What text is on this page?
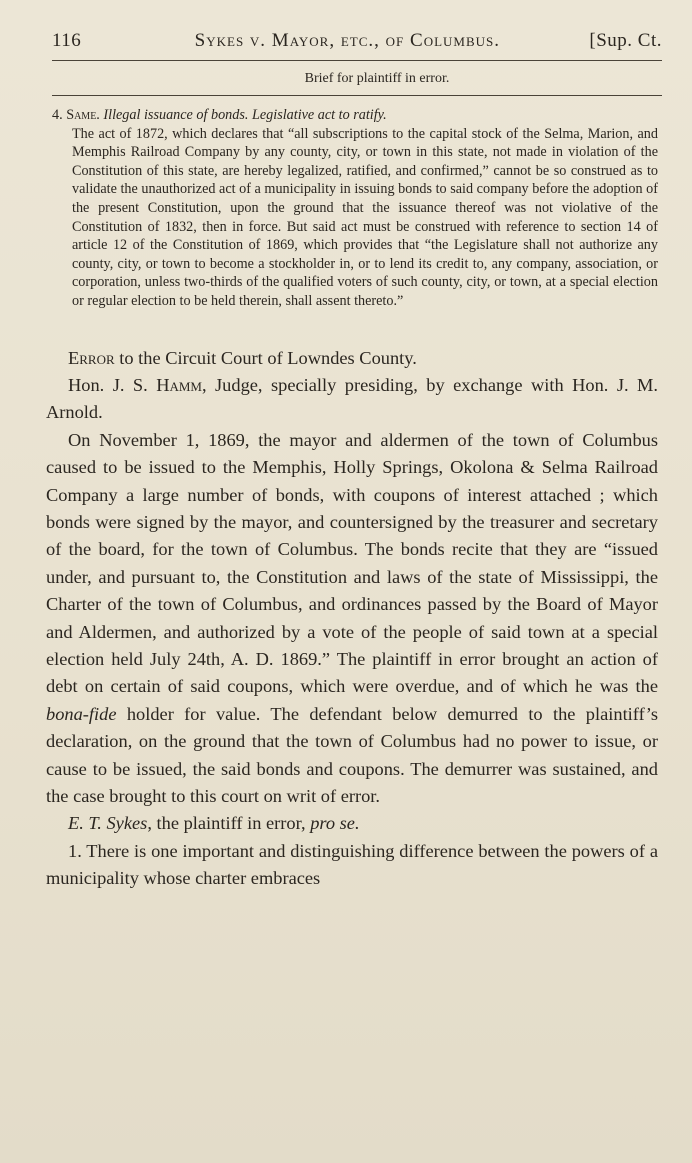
116	Sykes v. Mayor, etc., of Columbus.	[Sup. Ct.
Brief for plaintiff in error.
4. Same. Illegal issuance of bonds. Legislative act to ratify.
The act of 1872, which declares that “all subscriptions to the capital stock of the Selma, Marion, and Memphis Railroad Company by any county, city, or town in this state, not made in violation of the Constitution of this state, are hereby legalized, ratified, and confirmed,” cannot be so construed as to validate the unauthorized act of a municipality in issuing bonds to said company before the adoption of the present Constitution, upon the ground that the issuance thereof was not violative of the Constitution of 1832, then in force. But said act must be construed with reference to section 14 of article 12 of the Constitution of 1869, which provides that “the Legislature shall not authorize any county, city, or town to become a stockholder in, or to lend its credit to, any company, association, or corporation, unless two-thirds of the qualified voters of such county, city, or town, at a special election or regular election to be held therein, shall assent thereto.”

Error to the Circuit Court of Lowndes County.

Hon. J. S. Hamm, Judge, specially presiding, by exchange with Hon. J. M. Arnold.

On November 1, 1869, the mayor and aldermen of the town of Columbus caused to be issued to the Memphis, Holly Springs, Okolona & Selma Railroad Company a large number of bonds, with coupons of interest attached ; which bonds were signed by the mayor, and countersigned by the treasurer and secretary of the board, for the town of Columbus. The bonds recite that they are “issued under, and pursuant to, the Constitution and laws of the state of Mississippi, the Charter of the town of Columbus, and ordinances passed by the Board of Mayor and Aldermen, and authorized by a vote of the people of said town at a special election held July 24th, A. D. 1869.” The plaintiff in error brought an action of debt on certain of said coupons, which were overdue, and of which he was the bona-fide holder for value. The defendant below demurred to the plaintiff’s declaration, on the ground that the town of Columbus had no power to issue, or cause to be issued, the said bonds and coupons. The demurrer was sustained, and the case brought to this court on writ of error.

E. T. Sykes, the plaintiff in error, pro se.

1. There is one important and distinguishing difference between the powers of a municipality whose charter embraces
